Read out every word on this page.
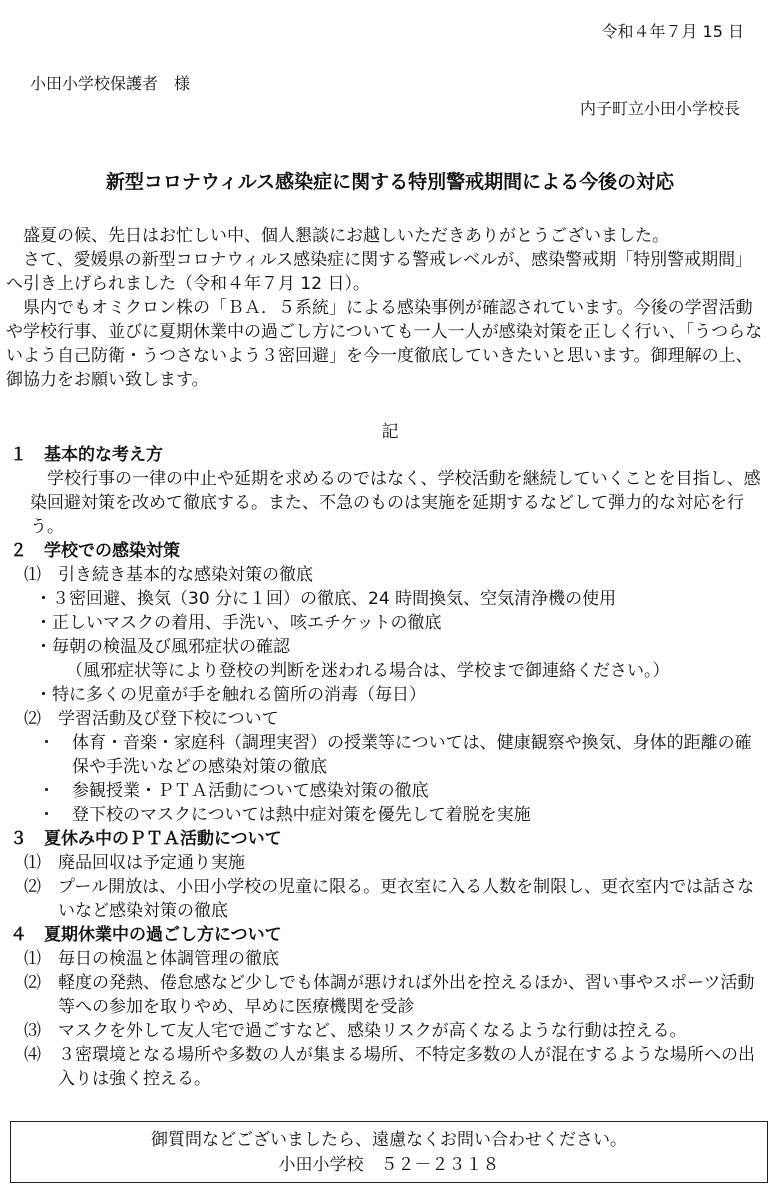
令和４年７月 15 日
小田小学校保護者　様
内子町立小田小学校長
新型コロナウィルス感染症に関する特別警戒期間による今後の対応

盛夏の候、先日はお忙しい中、個人懇談にお越しいただきありがとうございました。

さて、愛媛県の新型コロナウィルス感染症に関する警戒レベルが、感染警戒期「特別警戒期間」へ引き上げられました（令和４年７月 12 日）。

県内でもオミクロン株の「ＢＡ．５系統」による感染事例が確認されています。今後の学習活動や学校行事、並びに夏期休業中の過ごし方についても一人一人が感染対策を正しく行い、「うつらないよう自己防衛・うつさないよう３密回避」を今一度徹底していきたいと思います。御理解の上、御協力をお願い致します。

記
１ 基本的な考え方
学校行事の一律の中止や延期を求めるのではなく、学校活動を継続していくことを目指し、感染回避対策を改めて徹底する。また、不急のものは実施を延期するなどして弾力的な対応を行う。
２ 学校での感染対策
⑴	引き続き基本的な感染対策の徹底
・３密回避、換気（30 分に１回）の徹底、24 時間換気、空気清浄機の使用
・正しいマスクの着用、手洗い、咳エチケットの徹底
・毎朝の検温及び風邪症状の確認
（風邪症状等により登校の判断を迷われる場合は、学校まで御連絡ください。）
・特に多くの児童が手を触れる箇所の消毒（毎日）
⑵	学習活動及び登下校について
・　体育・音楽・家庭科（調理実習）の授業等については、健康観察や換気、身体的距離の確保や手洗いなどの感染対策の徹底
・　参観授業・ＰＴＡ活動について感染対策の徹底
・　登下校のマスクについては熱中症対策を優先して着脱を実施
３ 夏休み中のＰＴＡ活動について
⑴	廃品回収は予定通り実施
⑵	プール開放は、小田小学校の児童に限る。更衣室に入る人数を制限し、更衣室内では話さないなど感染対策の徹底
４ 夏期休業中の過ごし方について
⑴	毎日の検温と体調管理の徹底
⑵	軽度の発熱、倦怠感など少しでも体調が悪ければ外出を控えるほか、習い事やスポーツ活動等への参加を取りやめ、早めに医療機関を受診
⑶	マスクを外して友人宅で過ごすなど、感染リスクが高くなるような行動は控える。
⑷	３密環境となる場所や多数の人が集まる場所、不特定多数の人が混在するような場所への出入りは強く控える。
御質問などございましたら、遠慮なくお問い合わせください。
小田小学校　５２－２３１８
